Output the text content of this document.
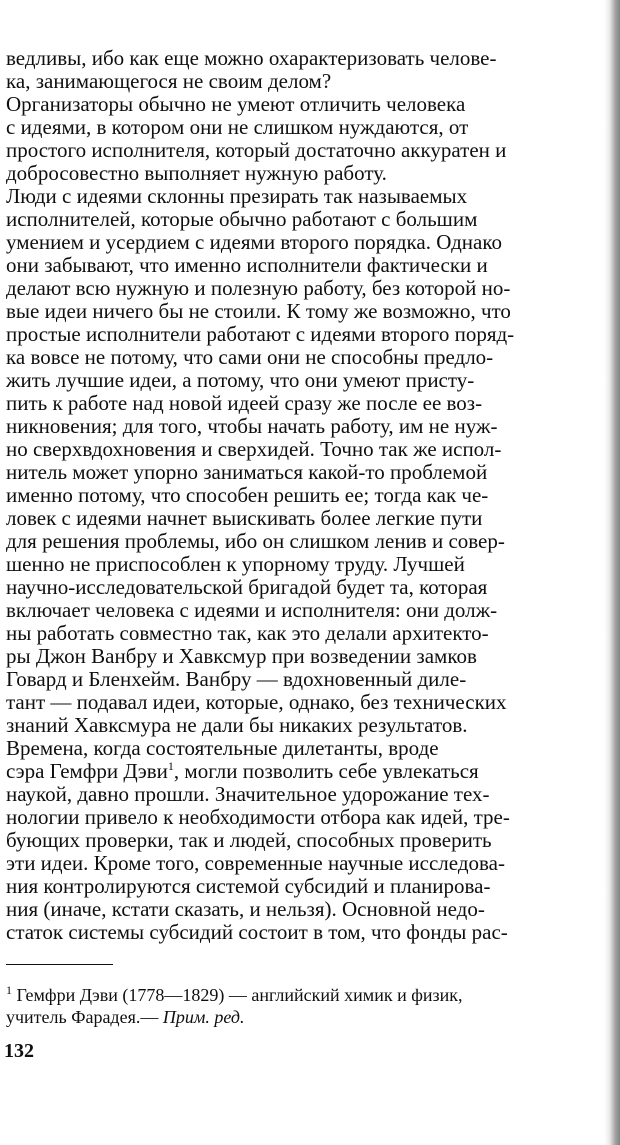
ведливы, ибо как еще можно охарактеризовать челове-
ка, занимающегося не своим делом?
Организаторы обычно не умеют отличить человека
с идеями, в котором они не слишком нуждаются, от
простого исполнителя, который достаточно аккуратен и
добросовестно выполняет нужную работу.
Люди с идеями склонны презирать так называемых
исполнителей, которые обычно работают с большим
умением и усердием с идеями второго порядка. Однако
они забывают, что именно исполнители фактически и
делают всю нужную и полезную работу, без которой но-
вые идеи ничего бы не стоили. К тому же возможно, что
простые исполнители работают с идеями второго поряд-
ка вовсе не потому, что сами они не способны предло-
жить лучшие идеи, а потому, что они умеют присту-
пить к работе над новой идеей сразу же после ее воз-
никновения; для того, чтобы начать работу, им не нуж-
но сверхвдохновения и сверхидей. Точно так же испол-
нитель может упорно заниматься какой-то проблемой
именно потому, что способен решить ее; тогда как че-
ловек с идеями начнет выискивать более легкие пути
для решения проблемы, ибо он слишком ленив и совер-
шенно не приспособлен к упорному труду. Лучшей
научно-исследовательской бригадой будет та, которая
включает человека с идеями и исполнителя: они долж-
ны работать совместно так, как это делали архитекто-
ры Джон Ванбру и Хавксмур при возведении замков
Говард и Бленхейм. Ванбру — вдохновенный диле-
тант — подавал идеи, которые, однако, без технических
знаний Хавксмура не дали бы никаких результатов.
Времена, когда состоятельные дилетанты, вроде
сэра Гемфри Дэви$^1$, могли позволить себе увлекаться
наукой, давно прошли. Значительное удорожание тех-
нологии привело к необходимости отбора как идей, тре-
бующих проверки, так и людей, способных проверить
эти идеи. Кроме того, современные научные исследова-
ния контролируются системой субсидий и планирова-
ния (иначе, кстати сказать, и нельзя). Основной недо-
статок системы субсидий состоит в том, что фонды рас-
$^1$ Гемфри Дэви (1778—1829) — английский химик и физик,
учитель Фарадея.— Прим. ред.
132
